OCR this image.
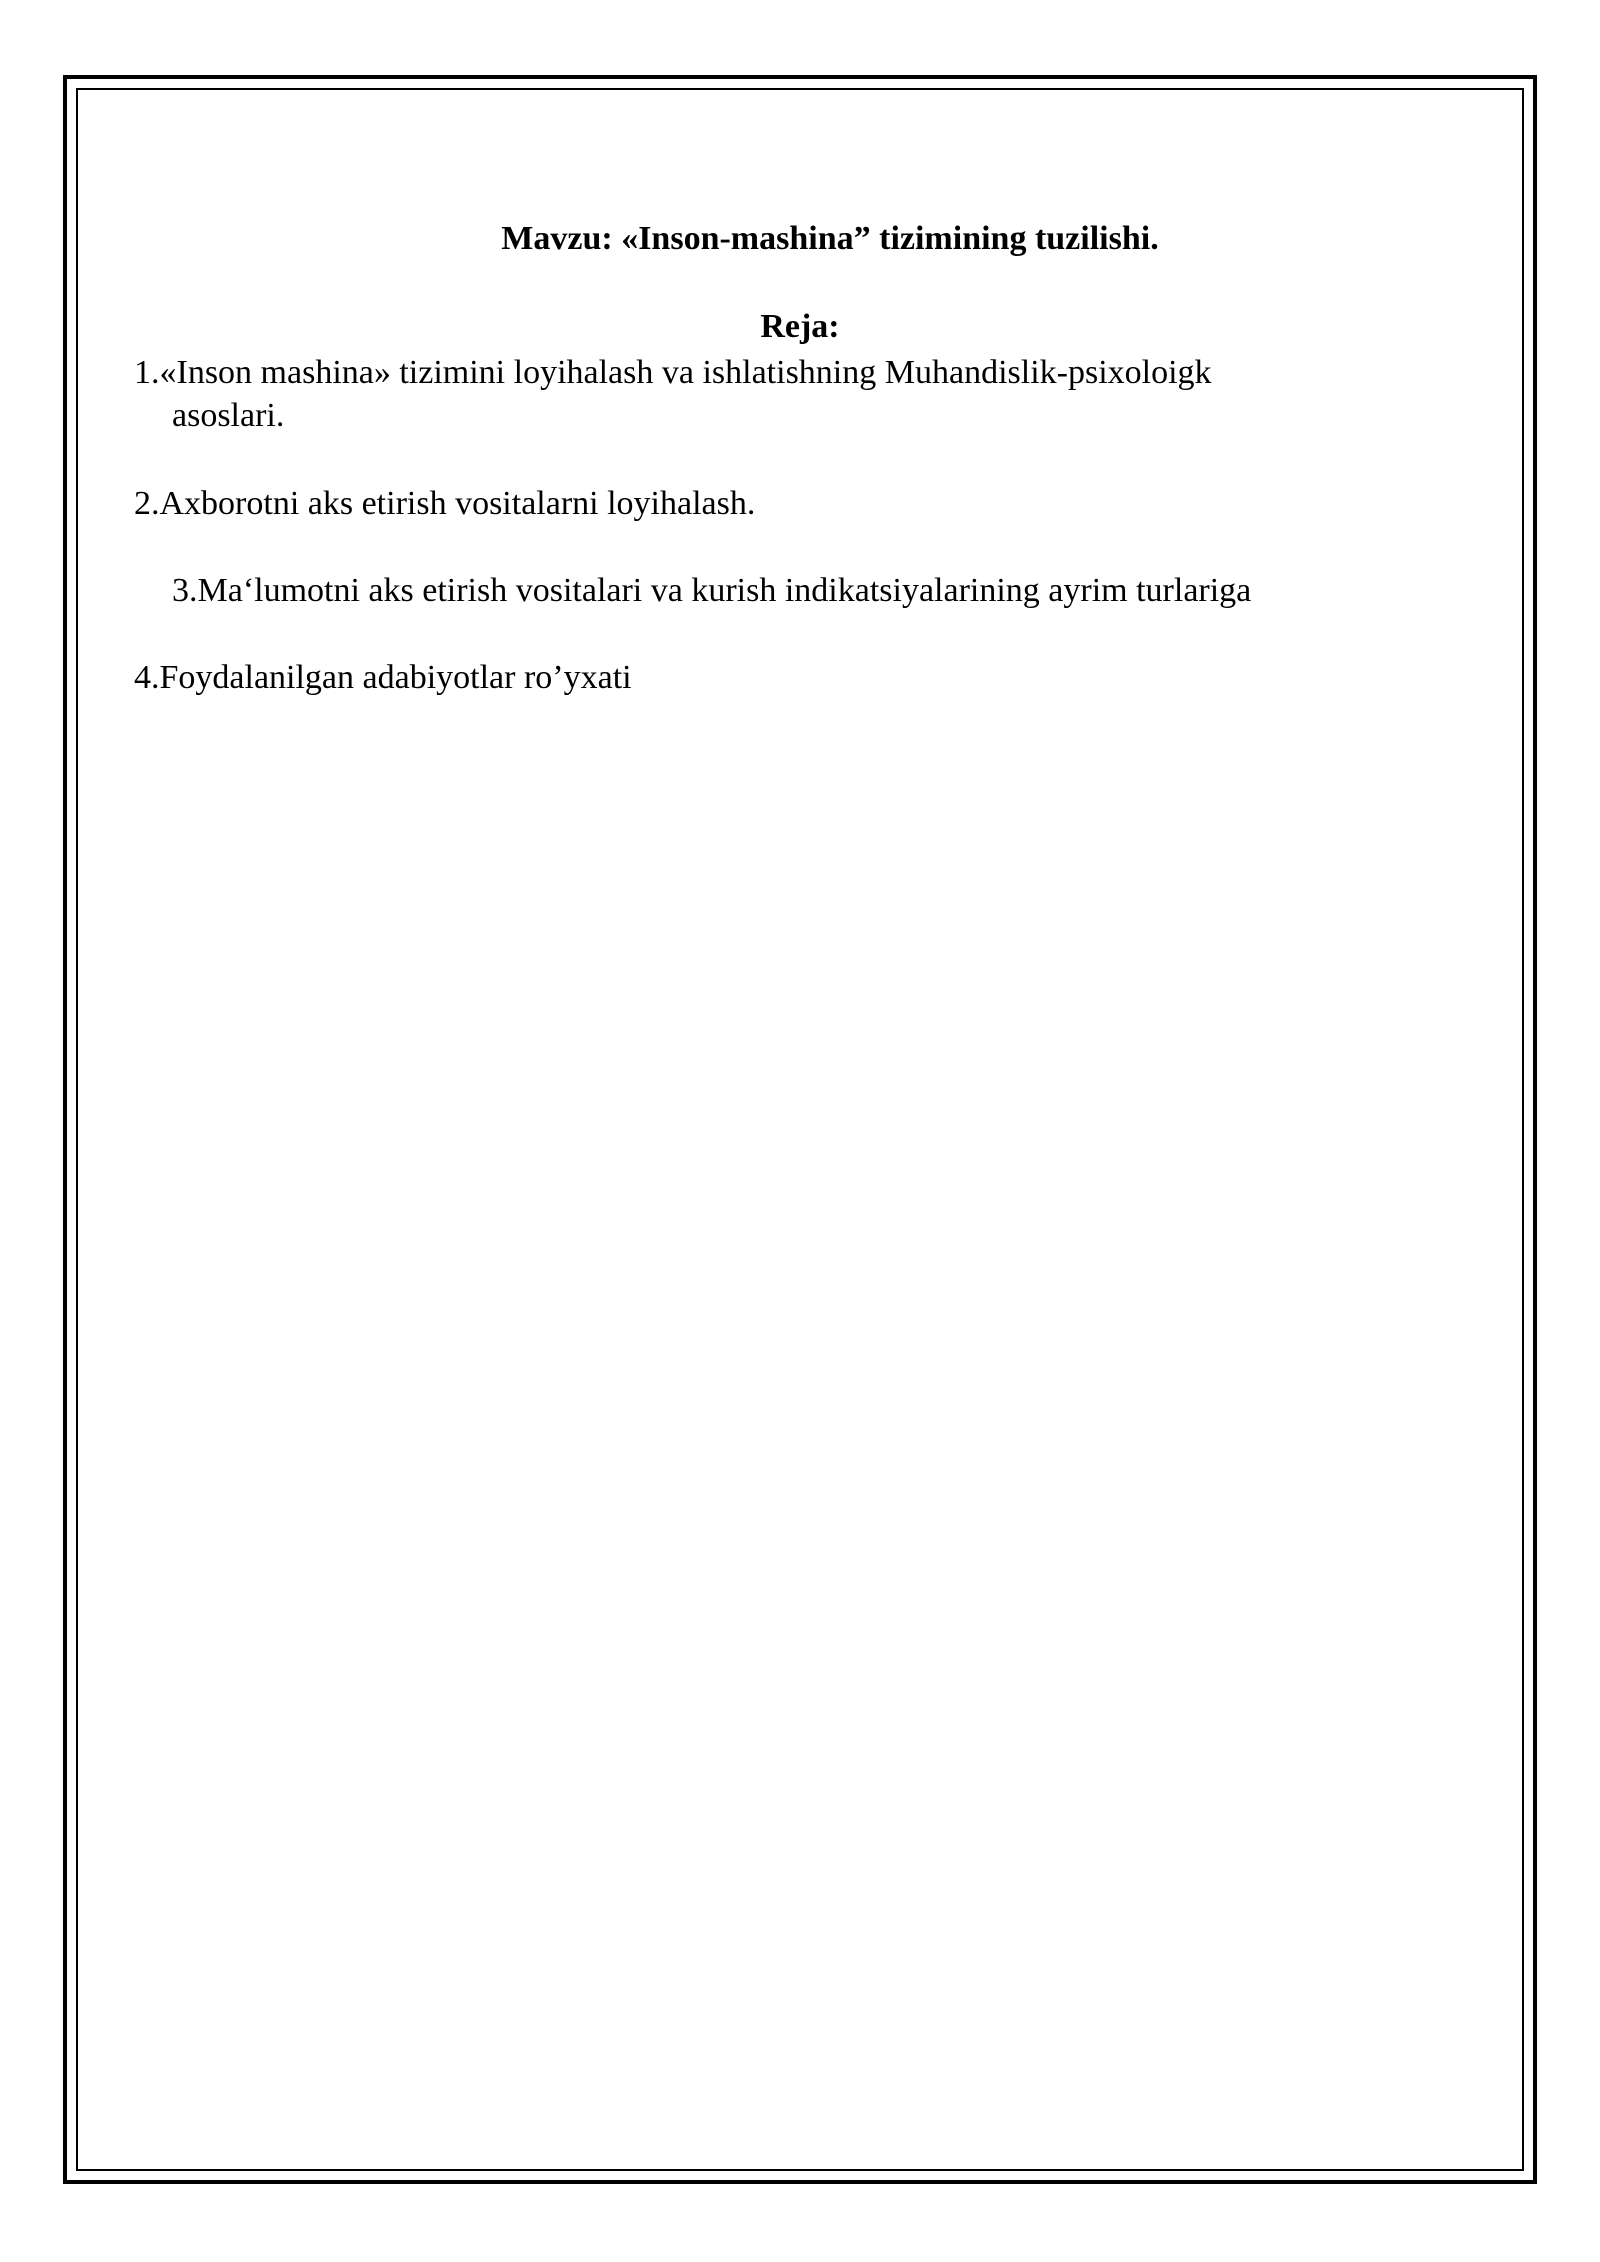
Mavzu: «Inson-mashina” tizimining tuzilishi.
Reja:
1.«Inson mashina» tizimini loyihalash va ishlatishning Muhandislik-psixoloigk
asoslari.
2.Axborotni aks etirish vositalarni loyihalash.
3.Ma‘lumotni aks etirish vositalari va kurish indikatsiyalarining ayrim turlariga
4.Foydalanilgan adabiyotlar ro’yxati
